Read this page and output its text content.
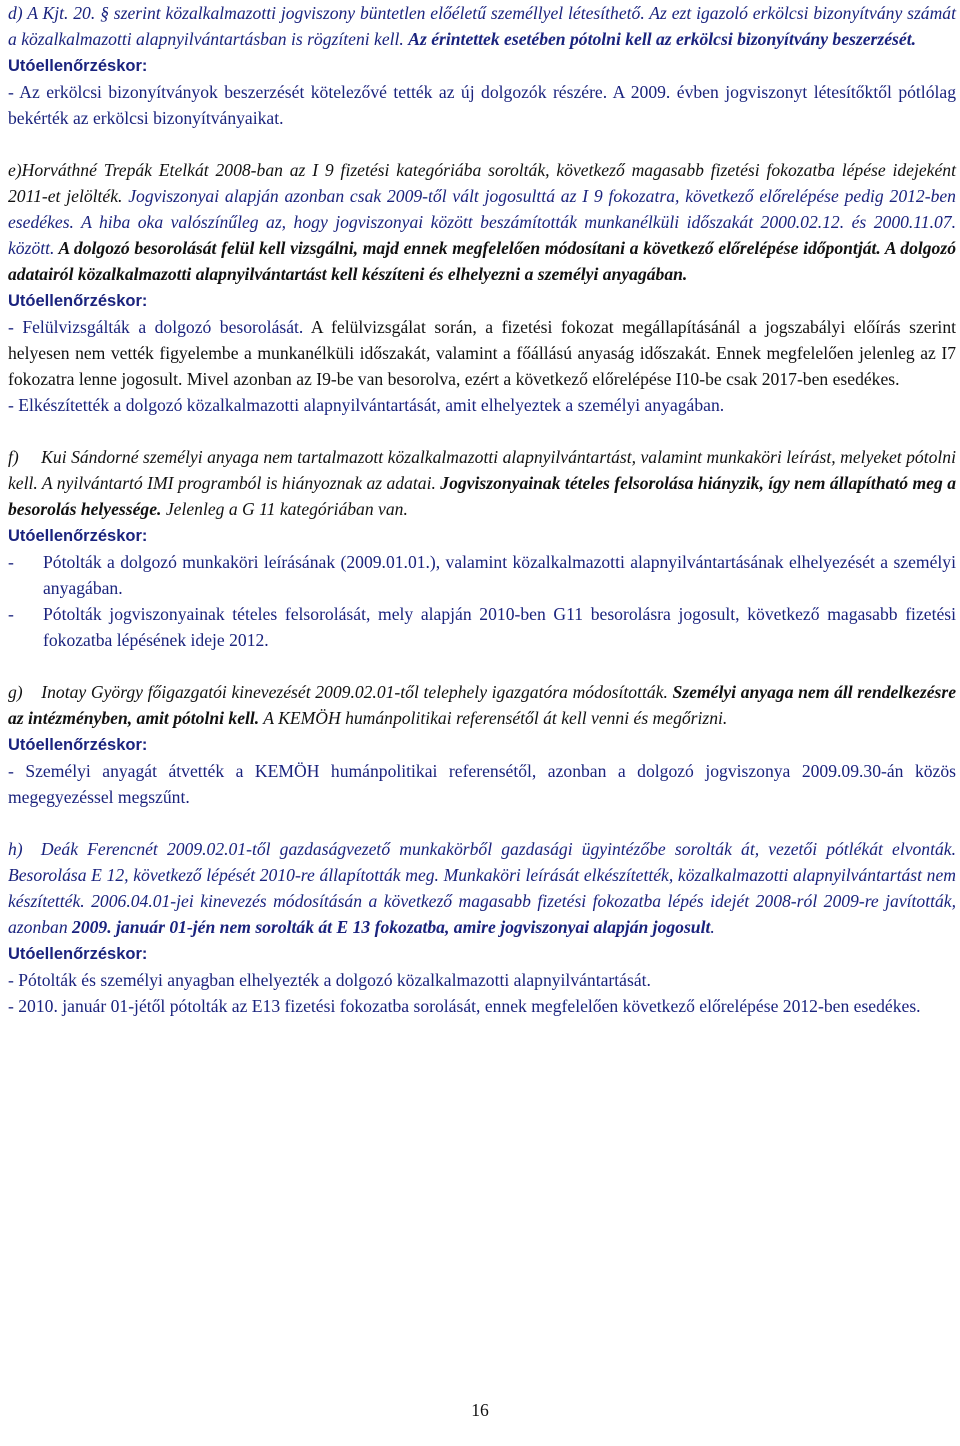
d) A Kjt. 20. § szerint közalkalmazotti jogviszony büntetlen előéletű személlyel létesíthető. Az ezt igazoló erkölcsi bizonyítvány számát a közalkalmazotti alapnyilvántartásban is rögzíteni kell. Az érintettek esetében pótolni kell az erkölcsi bizonyítvány beszerzését.

Utóellenőrzéskor:

- Az erkölcsi bizonyítványok beszerzését kötelezővé tették az új dolgozók részére. A 2009. évben jogviszonyt létesítőktől pótlólag bekérték az erkölcsi bizonyítványaikat.

e)Horváthné Trepák Etelkát 2008-ban az I 9 fizetési kategóriába sorolták, következő magasabb fizetési fokozatba lépése idejeként 2011-et jelölték. Jogviszonyai alapján azonban csak 2009-től vált jogosulttá az I 9 fokozatra, következő előrelépése pedig 2012-ben esedékes. A hiba oka valószínűleg az, hogy jogviszonyai között beszámították munkanélküli időszakát 2000.02.12. és 2000.11.07. között. A dolgozó besorolását felül kell vizsgálni, majd ennek megfelelően módosítani a következő előrelépése időpontját. A dolgozó adatairól közalkalmazotti alapnyilvántartást kell készíteni és elhelyezni a személyi anyagában.

Utóellenőrzéskor:

- Felülvizsgálták a dolgozó besorolását. A felülvizsgálat során, a fizetési fokozat megállapításánál a jogszabályi előírás szerint helyesen nem vették figyelembe a munkanélküli időszakát, valamint a főállású anyaság időszakát. Ennek megfelelően jelenleg az I7 fokozatra lenne jogosult. Mivel azonban az I9-be van besorolva, ezért a következő előrelépése I10-be csak 2017-ben esedékes.

- Elkészítették a dolgozó közalkalmazotti alapnyilvántartását, amit elhelyeztek a személyi anyagában.

f)     Kui Sándorné személyi anyaga nem tartalmazott közalkalmazotti alapnyilvántartást, valamint munkaköri leírást, melyeket pótolni kell. A nyilvántartó IMI programból is hiányoznak az adatai. Jogviszonyainak tételes felsorolása hiányzik, így nem állapítható meg a besorolás helyessége. Jelenleg a G 11 kategóriában van.

Utóellenőrzéskor:

- Pótolták a dolgozó munkaköri leírásának (2009.01.01.), valamint közalkalmazotti alapnyilvántartásának elhelyezését a személyi anyagában.
- Pótolták jogviszonyainak tételes felsorolását, mely alapján 2010-ben G11 besorolásra jogosult, következő magasabb fizetési fokozatba lépésének ideje 2012.

g)    Inotay György főigazgatói kinevezését 2009.02.01-től telephely igazgatóra módosították. Személyi anyaga nem áll rendelkezésre az intézményben, amit pótolni kell. A KEMÖH humánpolitikai referensétől át kell venni és megőrizni.

Utóellenőrzéskor:

- Személyi anyagát átvették a KEMÖH humánpolitikai referensétől, azonban a dolgozó jogviszonya 2009.09.30-án közös megegyezéssel megszűnt.

h)  Deák Ferencnét 2009.02.01-től gazdaságvezető munkakörből gazdasági ügyintézőbe sorolták át, vezetői pótlékát elvonták. Besorolása E 12, következő lépését 2010-re állapították meg. Munkaköri leírását elkészítették, közalkalmazotti alapnyilvántartást nem készítették. 2006.04.01-jei kinevezés módosításán a következő magasabb fizetési fokozatba lépés idejét 2008-ról 2009-re javították, azonban 2009. január 01-jén nem sorolták át E 13 fokozatba, amire jogviszonyai alapján jogosult.

Utóellenőrzéskor:

- Pótolták és személyi anyagban elhelyezték a dolgozó közalkalmazotti alapnyilvántartását.

- 2010. január 01-jétől pótolták az E13 fizetési fokozatba sorolását, ennek megfelelően következő előrelépése 2012-ben esedékes.

16
